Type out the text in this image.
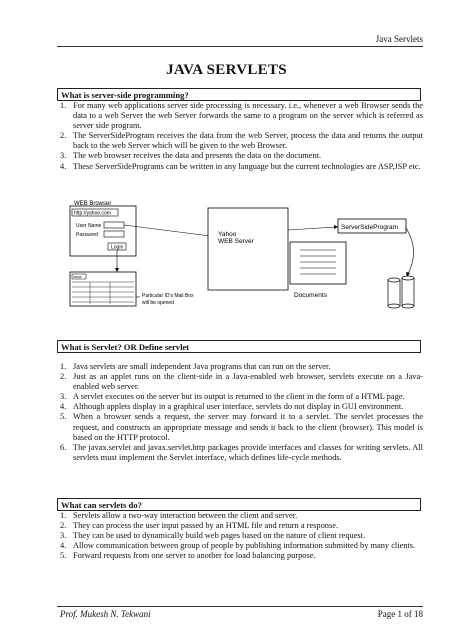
Java Servlets
JAVA SERVLETS
What is server-side programming?
1. For many web applications server side processing is necessary. i.e., whenever a web Browser sends the data to a web Server the web Server forwards the same to a program on the server which is referred as server side program.
2. The ServerSideProgram receives the data from the web Server, process the data and returns the output back to the web Server which will be given to the web Browser.
3. The web browser receives the data and presents the data on the document.
4. These ServerSidePrograms can be written in any language but the current technologies are ASP,JSP etc.
WEB Browser
http://yahoo.com
User Name
Password
Login
Inbox
Particular ID's Mail Box
will be opened
Yahoo
WEB Server
ServerSideProgram
Documents
What is Servlet? OR Define servlet
1. Java servlets are small independent Java programs that can run on the server.
2. Just as an applet runs on the client-side in a Java-enabled web browser, servlets execute on a Java-enabled web server.
3. A servlet executes on the server but its output is returned to the client in the form of a HTML page.
4. Although applets display in a graphical user interface, servlets do not display in GUI environment.
5. When a browser sends a request, the server may forward it to a servlet. The servlet processes the request, and constructs an appropriate message and sends it back to the client (browser). This model is based on the HTTP protocol.
6. The javax.servlet and javax.servlet.http packages provide interfaces and classes for writing servlets. All servlets must implement the Servlet interface, which defines life-cycle methods.
What can servlets do?
1. Servlets allow a two-way interaction between the client and server.
2. They can process the user input passed by an HTML file and return a response.
3. They can be used to dynamically build web pages based on the nature of client request.
4. Allow communication between group of people by publishing information submitted by many clients.
5. Forward requests from one server to another for load balancing purpose.
Prof. Mukesh N. Tekwani	Page 1 of 18
